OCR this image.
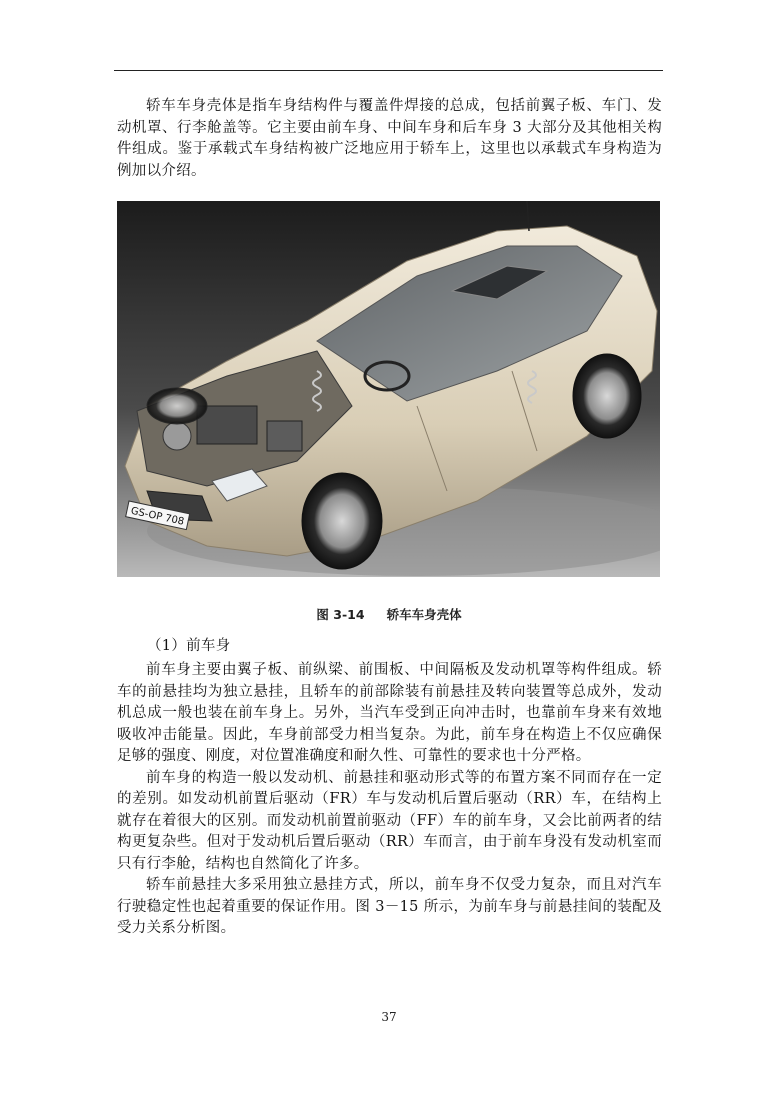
轿车车身壳体是指车身结构件与覆盖件焊接的总成，包括前翼子板、车门、发动机罩、行李舱盖等。它主要由前车身、中间车身和后车身 3 大部分及其他相关构件组成。鉴于承载式车身结构被广泛地应用于轿车上，这里也以承载式车身构造为例加以介绍。

GS-OP 708
图 3-14 轿车车身壳体
（1）前车身

前车身主要由翼子板、前纵梁、前围板、中间隔板及发动机罩等构件组成。轿车的前悬挂均为独立悬挂，且轿车的前部除装有前悬挂及转向装置等总成外，发动机总成一般也装在前车身上。另外，当汽车受到正向冲击时，也靠前车身来有效地吸收冲击能量。因此，车身前部受力相当复杂。为此，前车身在构造上不仅应确保足够的强度、刚度，对位置准确度和耐久性、可靠性的要求也十分严格。

前车身的构造一般以发动机、前悬挂和驱动形式等的布置方案不同而存在一定的差别。如发动机前置后驱动（FR）车与发动机后置后驱动（RR）车，在结构上就存在着很大的区别。而发动机前置前驱动（FF）车的前车身，又会比前两者的结构更复杂些。但对于发动机后置后驱动（RR）车而言，由于前车身没有发动机室而只有行李舱，结构也自然简化了许多。

轿车前悬挂大多采用独立悬挂方式，所以，前车身不仅受力复杂，而且对汽车行驶稳定性也起着重要的保证作用。图 3－15 所示，为前车身与前悬挂间的装配及受力关系分析图。

37
